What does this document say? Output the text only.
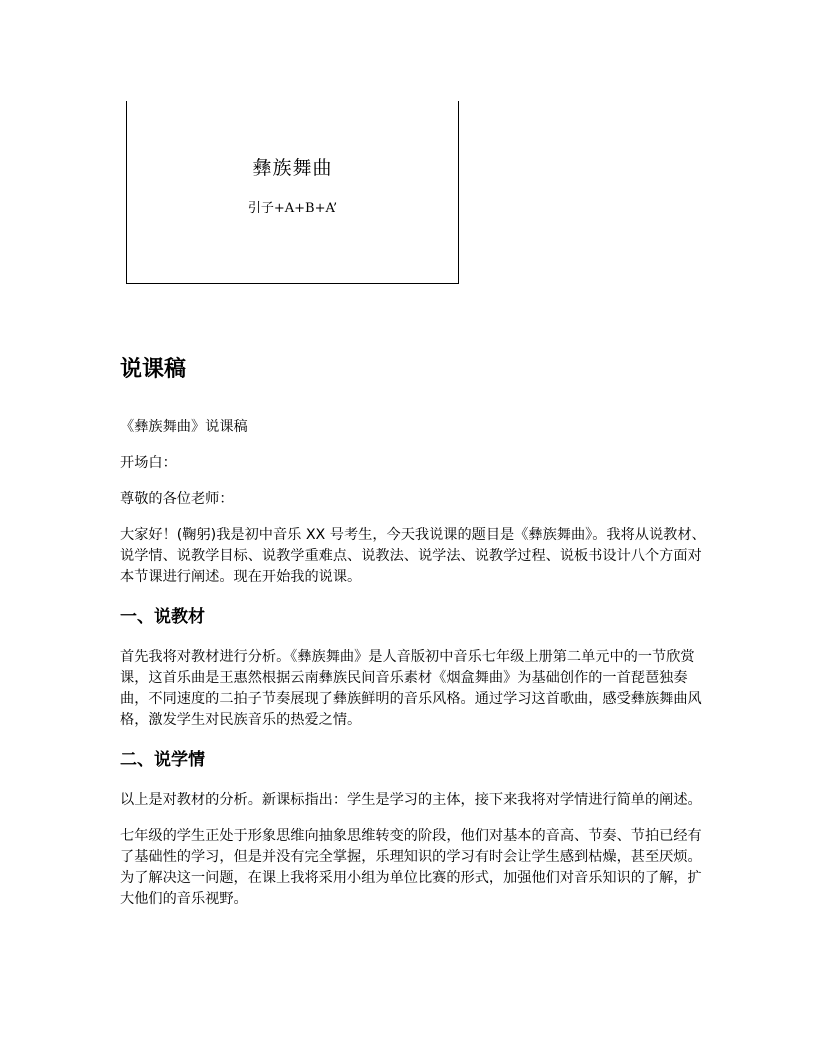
彝族舞曲
引子+A+B+A’
说课稿

《彝族舞曲》说课稿

开场白：

尊敬的各位老师：

大家好！(鞠躬)我是初中音乐 XX 号考生，今天我说课的题目是《彝族舞曲》。我将从说教材、说学情、说教学目标、说教学重难点、说教法、说学法、说教学过程、说板书设计八个方面对本节课进行阐述。现在开始我的说课。

一、说教材

首先我将对教材进行分析。《彝族舞曲》是人音版初中音乐七年级上册第二单元中的一节欣赏课，这首乐曲是王惠然根据云南彝族民间音乐素材《烟盒舞曲》为基础创作的一首琵琶独奏曲，不同速度的二拍子节奏展现了彝族鲜明的音乐风格。通过学习这首歌曲，感受彝族舞曲风格，激发学生对民族音乐的热爱之情。

二、说学情

以上是对教材的分析。新课标指出：学生是学习的主体，接下来我将对学情进行简单的阐述。

七年级的学生正处于形象思维向抽象思维转变的阶段，他们对基本的音高、节奏、节拍已经有了基础性的学习，但是并没有完全掌握，乐理知识的学习有时会让学生感到枯燥，甚至厌烦。为了解决这一问题，在课上我将采用小组为单位比赛的形式，加强他们对音乐知识的了解，扩大他们的音乐视野。
